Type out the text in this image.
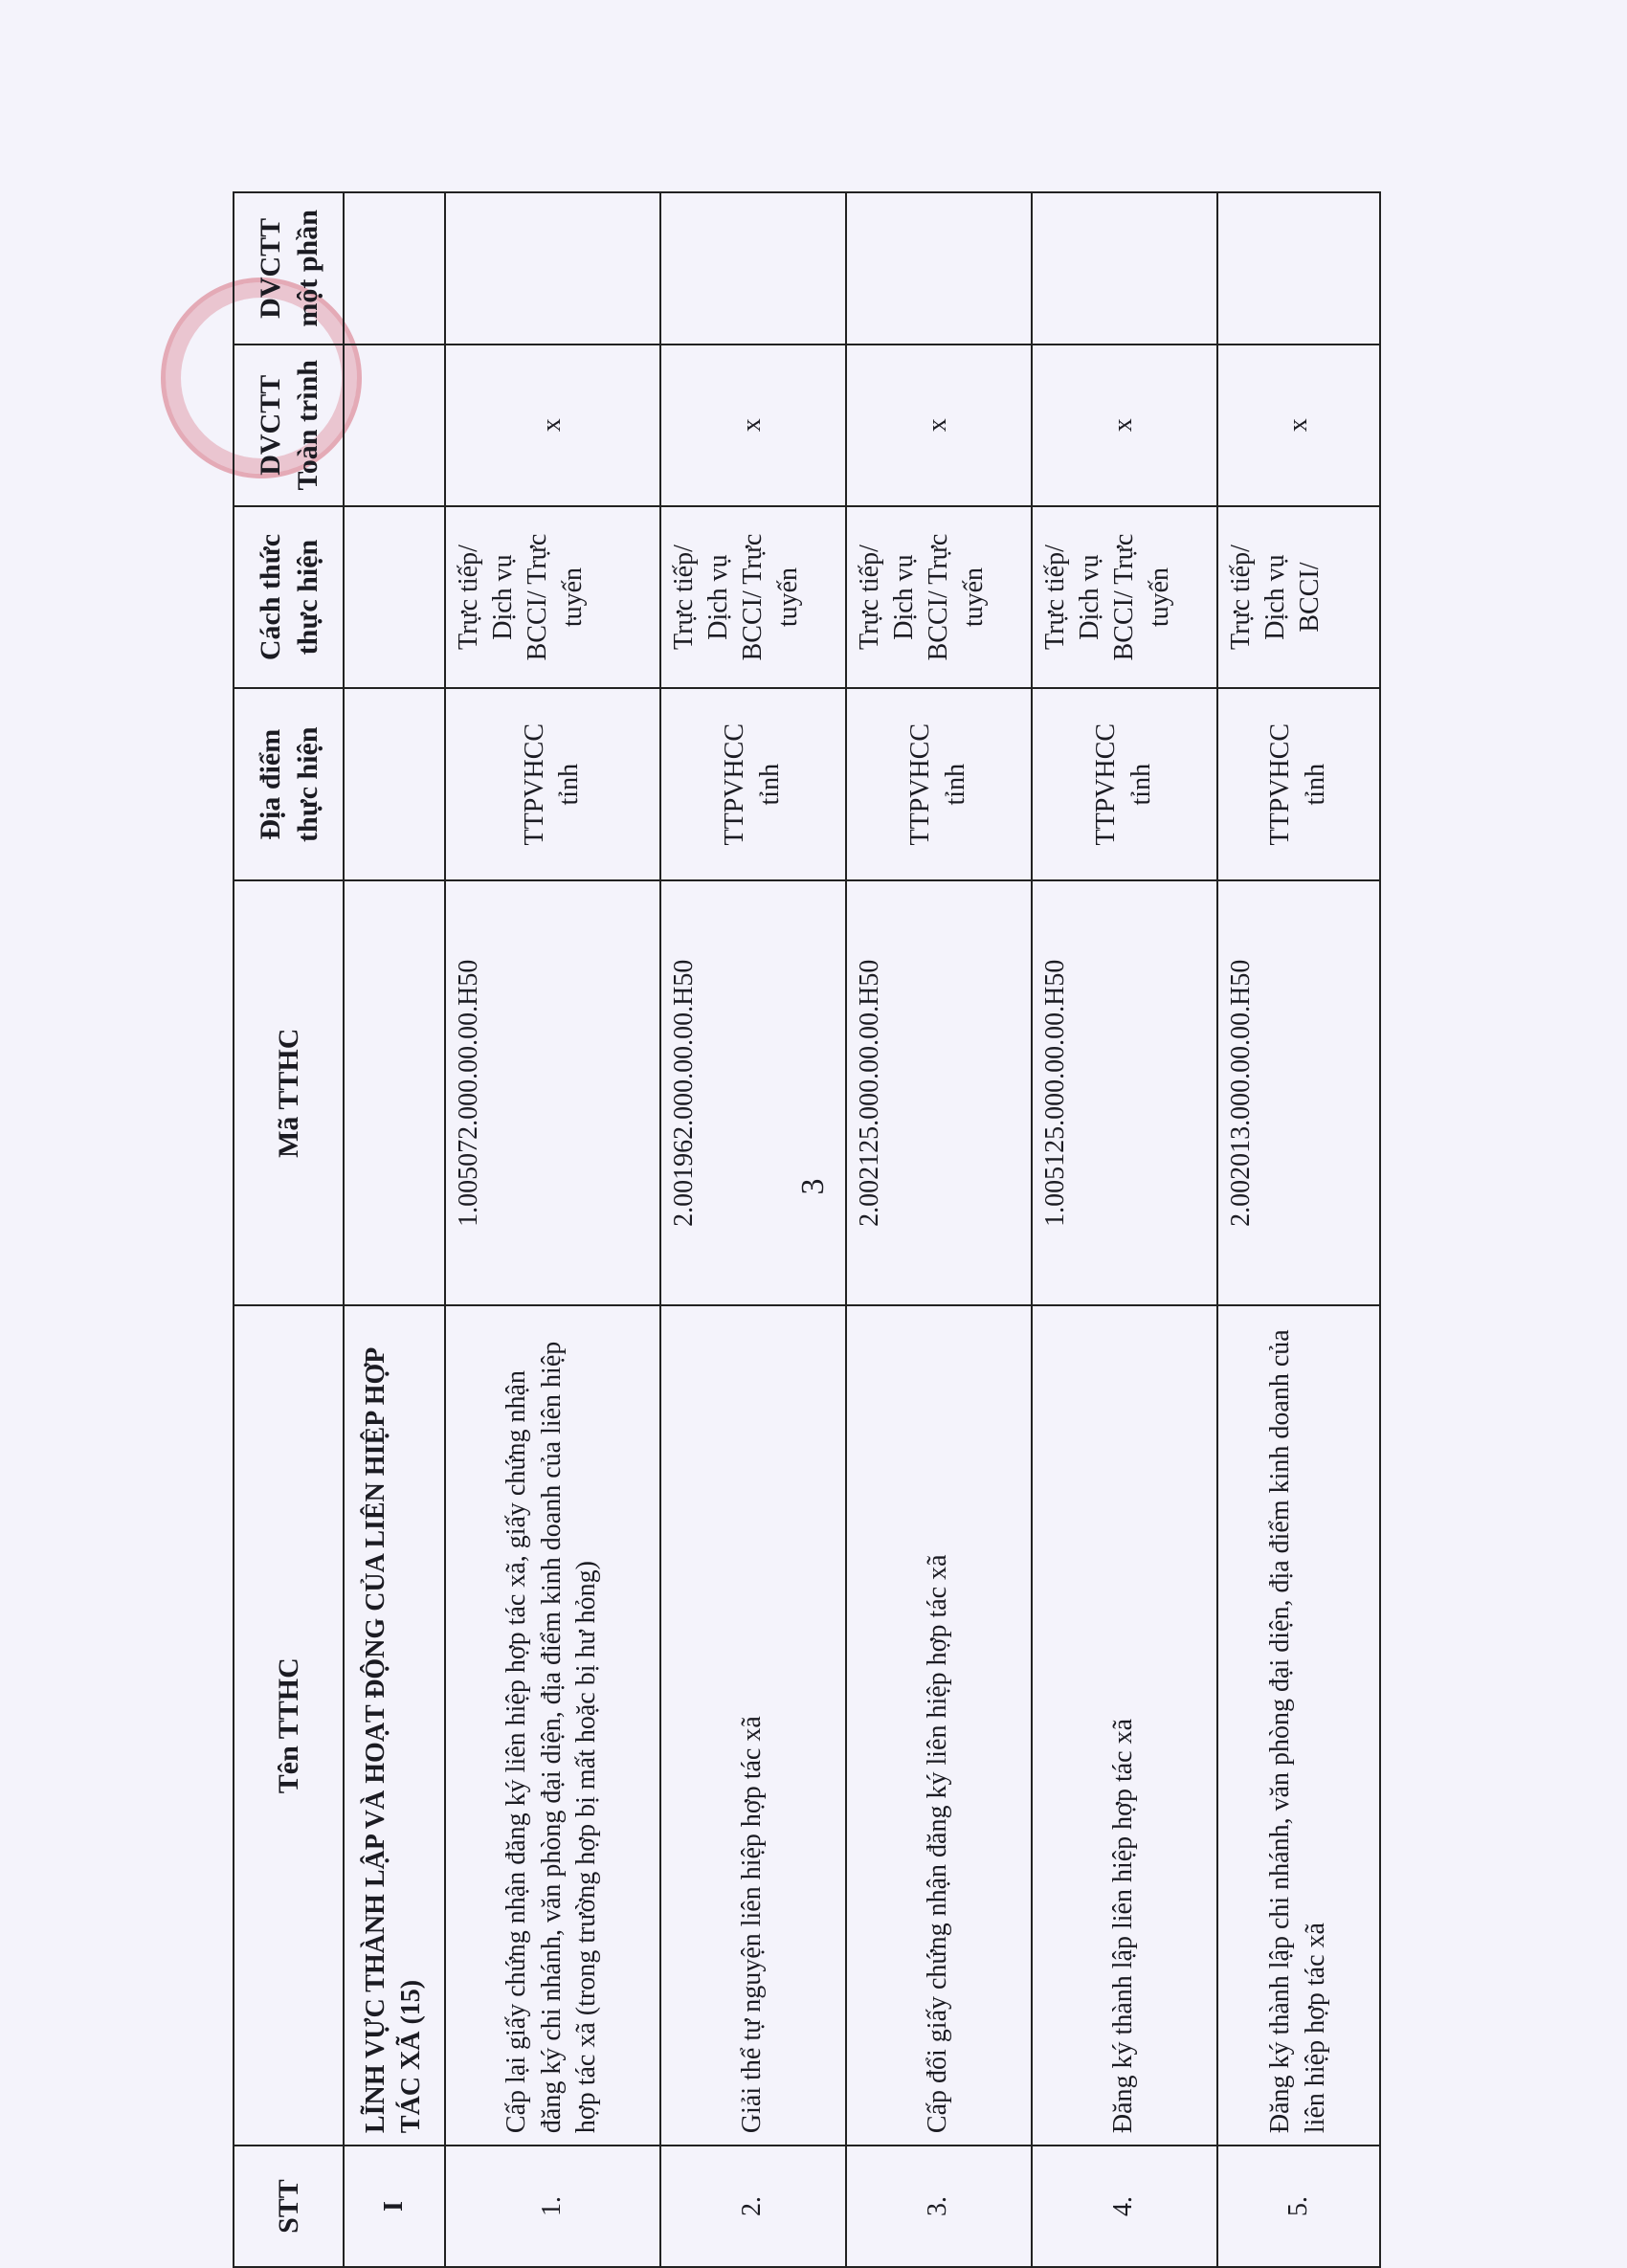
3
STT	Tên TTHC	Mã TTHC	Địa điểm thực hiện	Cách thức thực hiện	DVCTT Toàn trình	DVCTT một phần
I	LĨNH VỰC THÀNH LẬP VÀ HOẠT ĐỘNG CỦA LIÊN HIỆP HỢP TÁC XÃ (15)					
1.	Cấp lại giấy chứng nhận đăng ký liên hiệp hợp tác xã, giấy chứng nhận đăng ký chi nhánh, văn phòng đại diện, địa điểm kinh doanh của liên hiệp hợp tác xã (trong trường hợp bị mất hoặc bị hư hỏng)	1.005072.000.00.00.H50	TTPVHCC tỉnh	Trực tiếp/ Dịch vụ BCCI/ Trực tuyến	x	
2.	Giải thể tự nguyện liên hiệp hợp tác xã	2.001962.000.00.00.H50	TTPVHCC tỉnh	Trực tiếp/ Dịch vụ BCCI/ Trực tuyến	x	
3.	Cấp đổi giấy chứng nhận đăng ký liên hiệp hợp tác xã	2.002125.000.00.00.H50	TTPVHCC tỉnh	Trực tiếp/ Dịch vụ BCCI/ Trực tuyến	x	
4.	Đăng ký thành lập liên hiệp hợp tác xã	1.005125.000.00.00.H50	TTPVHCC tỉnh	Trực tiếp/ Dịch vụ BCCI/ Trực tuyến	x	
5.	Đăng ký thành lập chi nhánh, văn phòng đại diện, địa điểm kinh doanh của liên hiệp hợp tác xã	2.002013.000.00.00.H50	TTPVHCC tỉnh	Trực tiếp/ Dịch vụ BCCI/	x	
